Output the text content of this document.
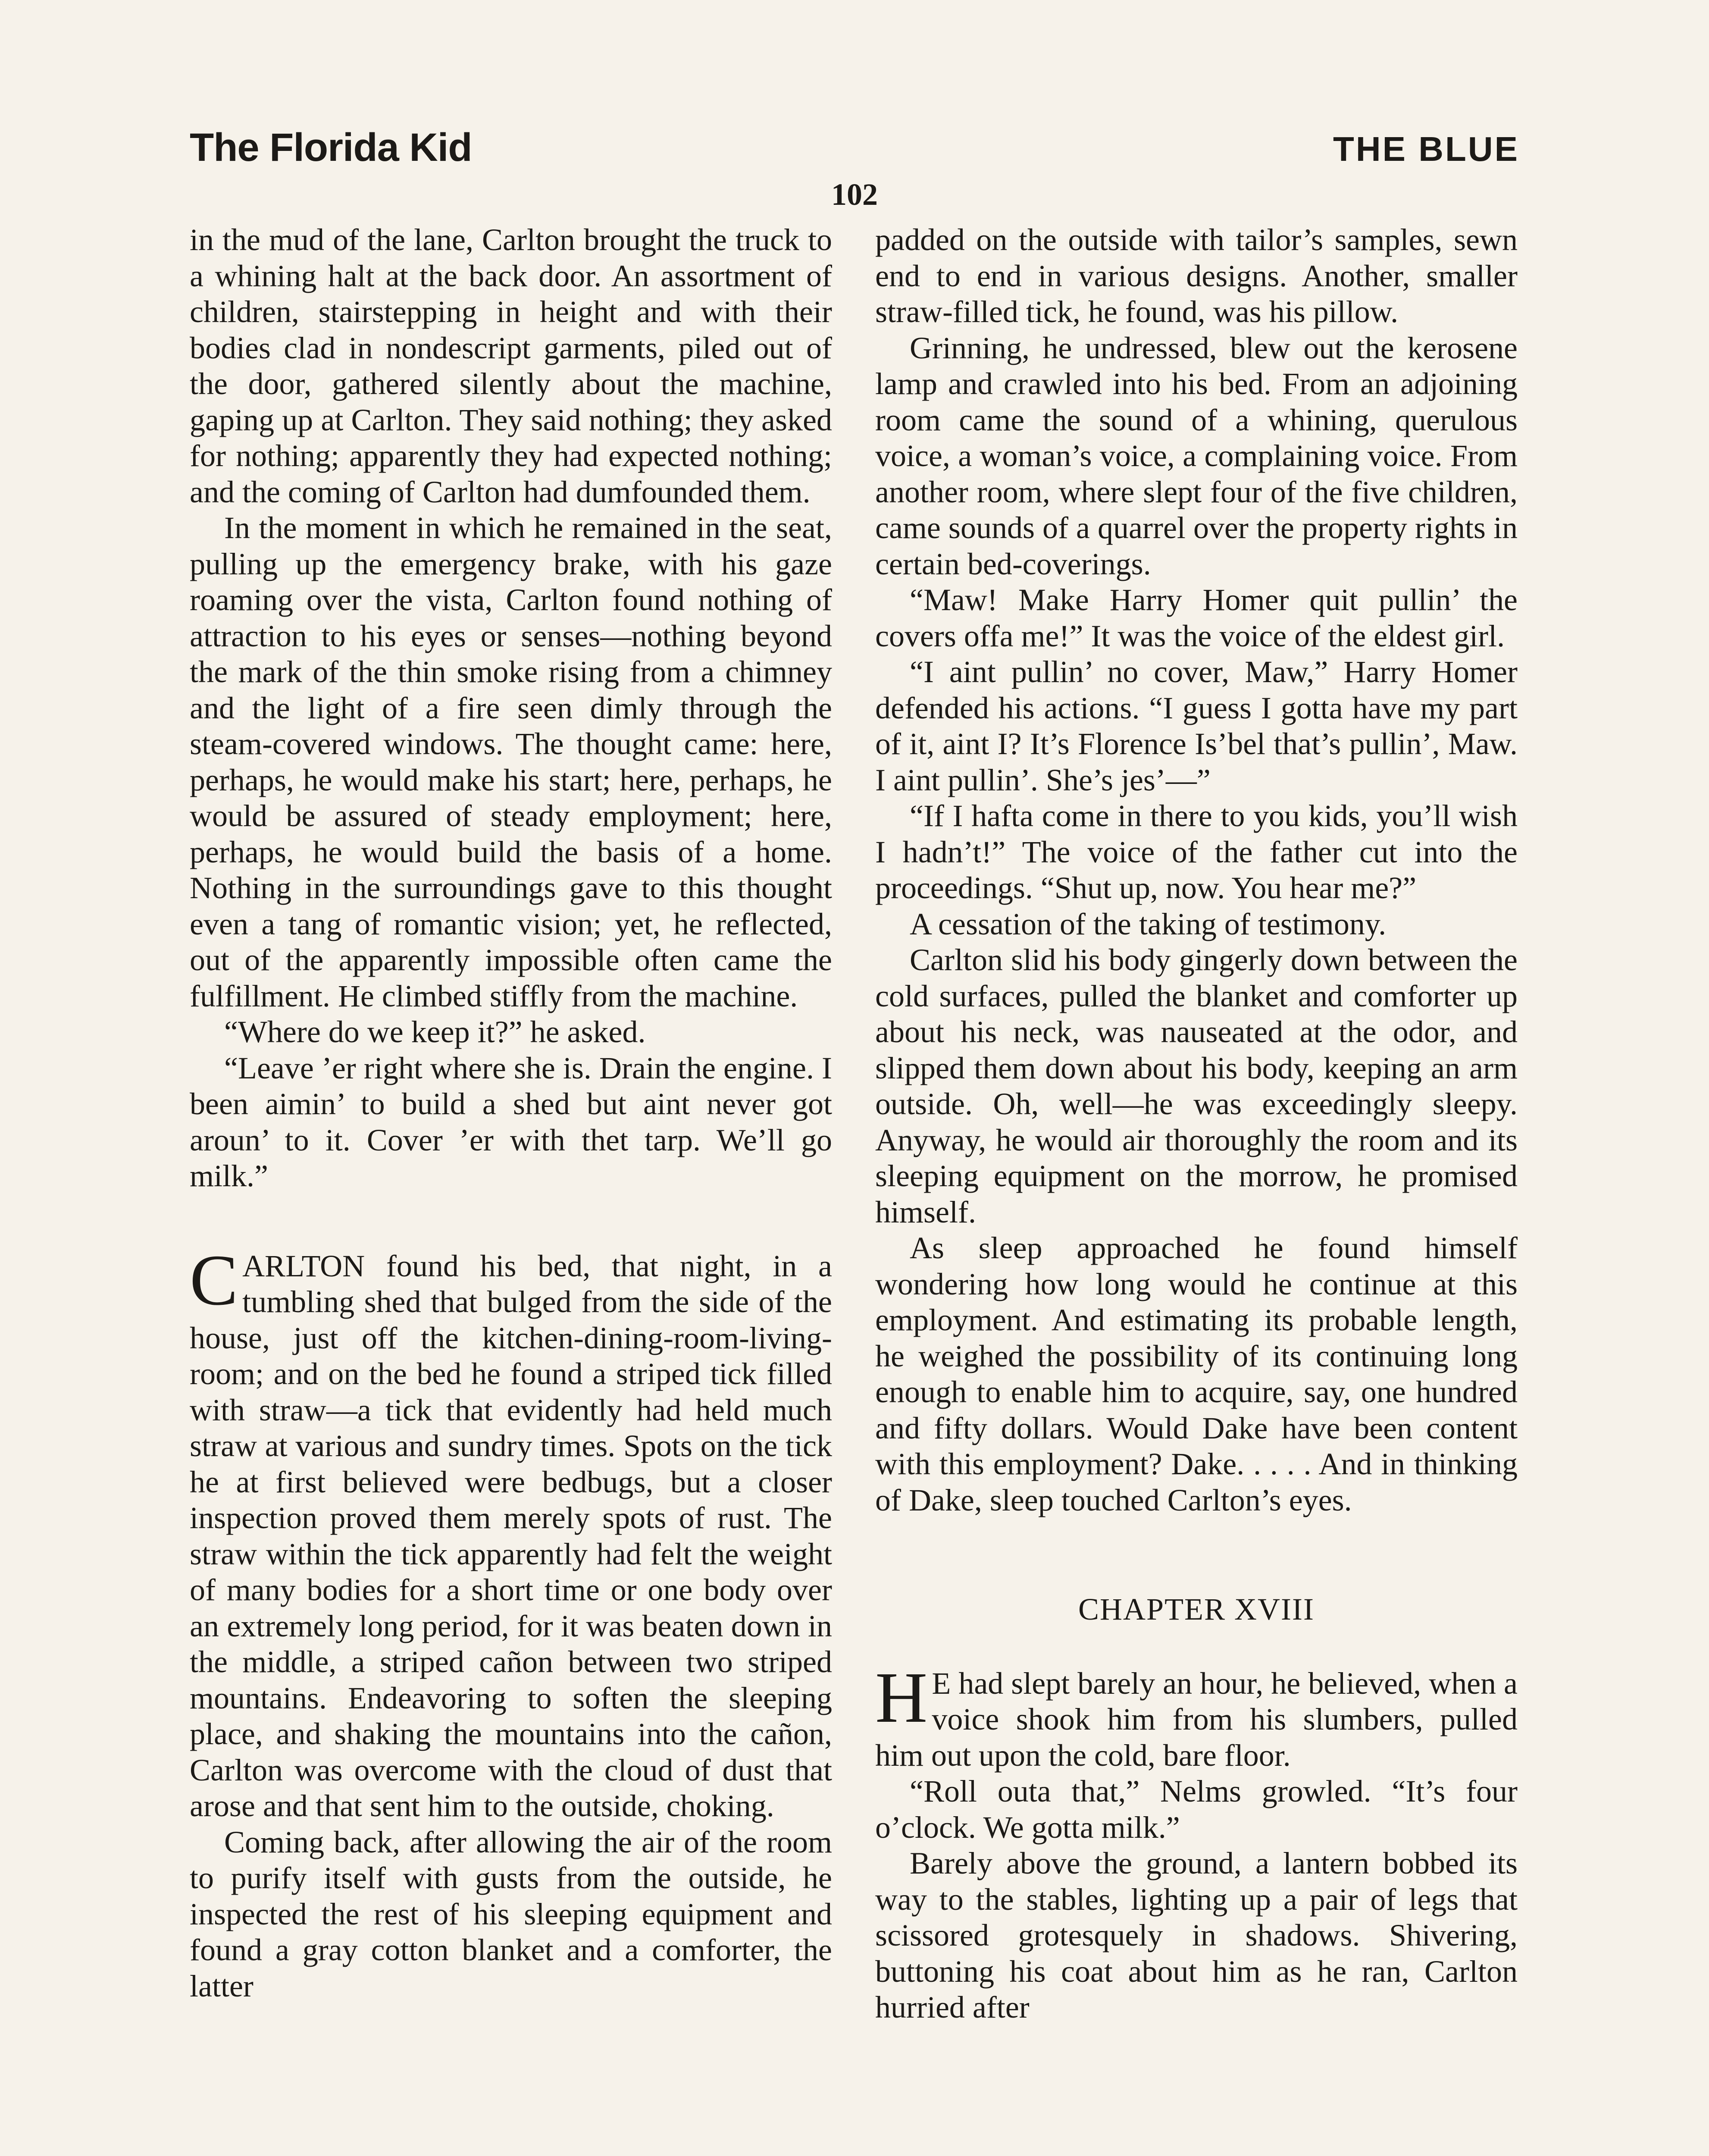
The Florida Kid	THE BLUE
102

in the mud of the lane, Carlton brought the truck to a whining halt at the back door. An assortment of children, stairstepping in height and with their bodies clad in nondescript garments, piled out of the door, gathered silently about the machine, gaping up at Carlton. They said nothing; they asked for nothing; apparently they had expected nothing; and the coming of Carlton had dumfounded them.

In the moment in which he remained in the seat, pulling up the emergency brake, with his gaze roaming over the vista, Carlton found nothing of attraction to his eyes or senses—nothing beyond the mark of the thin smoke rising from a chimney and the light of a fire seen dimly through the steam-covered windows. The thought came: here, perhaps, he would make his start; here, perhaps, he would be assured of steady employment; here, perhaps, he would build the basis of a home. Nothing in the surroundings gave to this thought even a tang of romantic vision; yet, he reflected, out of the apparently impossible often came the fulfillment. He climbed stiffly from the machine.

“Where do we keep it?” he asked.

“Leave ’er right where she is. Drain the engine. I been aimin’ to build a shed but aint never got aroun’ to it. Cover ’er with thet tarp. We’ll go milk.”

CARLTON found his bed, that night, in a tumbling shed that bulged from the side of the house, just off the kitchen-dining-room-living-room; and on the bed he found a striped tick filled with straw—a tick that evidently had held much straw at various and sundry times. Spots on the tick he at first believed were bedbugs, but a closer inspection proved them merely spots of rust. The straw within the tick apparently had felt the weight of many bodies for a short time or one body over an extremely long period, for it was beaten down in the middle, a striped cañon between two striped mountains. Endeavoring to soften the sleeping place, and shaking the mountains into the cañon, Carlton was overcome with the cloud of dust that arose and that sent him to the outside, choking.

Coming back, after allowing the air of the room to purify itself with gusts from the outside, he inspected the rest of his sleeping equipment and found a gray cotton blanket and a comforter, the latter

padded on the outside with tailor’s samples, sewn end to end in various designs. Another, smaller straw-filled tick, he found, was his pillow.

Grinning, he undressed, blew out the kerosene lamp and crawled into his bed. From an adjoining room came the sound of a whining, querulous voice, a woman’s voice, a complaining voice. From another room, where slept four of the five children, came sounds of a quarrel over the property rights in certain bed-coverings.

“Maw! Make Harry Homer quit pullin’ the covers offa me!” It was the voice of the eldest girl.

“I aint pullin’ no cover, Maw,” Harry Homer defended his actions. “I guess I gotta have my part of it, aint I? It’s Florence Is’bel that’s pullin’, Maw. I aint pullin’. She’s jes’—”

“If I hafta come in there to you kids, you’ll wish I hadn’t!” The voice of the father cut into the proceedings. “Shut up, now. You hear me?”

A cessation of the taking of testimony.

Carlton slid his body gingerly down between the cold surfaces, pulled the blanket and comforter up about his neck, was nauseated at the odor, and slipped them down about his body, keeping an arm outside. Oh, well—he was exceedingly sleepy. Anyway, he would air thoroughly the room and its sleeping equipment on the morrow, he promised himself.

As sleep approached he found himself wondering how long would he continue at this employment. And estimating its probable length, he weighed the possibility of its continuing long enough to enable him to acquire, say, one hundred and fifty dollars. Would Dake have been content with this employment? Dake. . . . . And in thinking of Dake, sleep touched Carlton’s eyes.

CHAPTER XVIII

H E had slept barely an hour, he believed, when a voice shook him from his slumbers, pulled him out upon the cold, bare floor.

“Roll outa that,” Nelms growled. “It’s four o’clock. We gotta milk.”

Barely above the ground, a lantern bobbed its way to the stables, lighting up a pair of legs that scissored grotesquely in shadows. Shivering, buttoning his coat about him as he ran, Carlton hurried after
